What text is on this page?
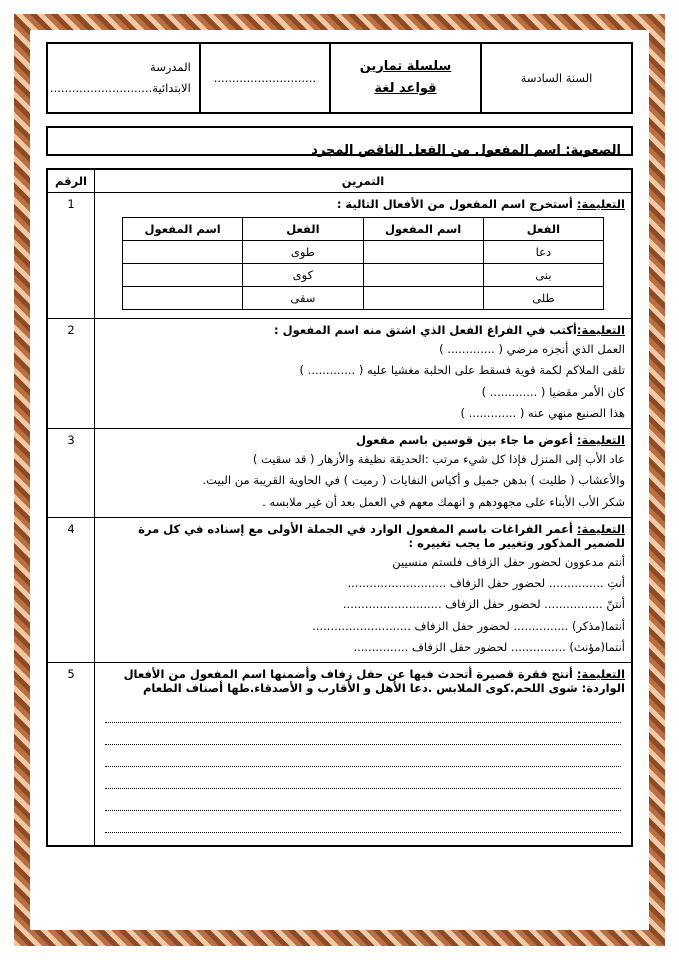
السنة السادسة	
سلسلة تمارين
قواعد لغة
	............................	
المدرسة الابتدائية............................
الصعوبة: اسم المفعول من الفعل الناقص المجرد
التمرين	الرقم

التعليمة: أستخرج اسم المفعول من الأفعال التالية :
الفعل	اسم المفعول	الفعل	اسم المفعول
دعا		طوى	
بنى		كوى	
طلى		سقى	
	1

التعليمة:أكتب في الفراغ الفعل الذي اشتق منه اسم المفعول :
العمل الذي أنجزه مرضي ( ............. )
تلقى الملاكم لكمة قوية فسقط على الحلبة مغشيا عليه ( ............. )
كان الأمر مقضيا ( ............. )
هذا الصنيع منهي عنه ( ............. )
	2

التعليمة: أعوض ما جاء بين قوسين باسم مفعول
عاد الأب إلى المنزل فإذا كل شيء مرتب :الحديقة نظيفة والأزهار ( قد سقيت )
والأعشاب ( طليت ) بدهن جميل و أكياس النفايات ( رميت ) في الحاوية القريبة من البيت.
شكر الأب الأبناء على مجهودهم و انهمك معهم في العمل بعد أن غير ملابسه .
	3

التعليمة: أعمر الفراغات باسم المفعول الوارد في الجملة الأولى مع إسناده في كل مرة للضمير المذكور وتغيير ما يجب تغييره :
أنتم مدعوون لحضور حفل الزفاف فلستم منسيين
أنتِ ............... لحضور حفل الزفاف ...........................
أنتنّ ................ لحضور حفل الزفاف ...........................
أنتما(مذكر) ............... لحضور حفل الزفاف ...........................
أنتما(مؤنث) ............... لحضور حفل الزفاف ...............
	4

التعليمة: أنتج فقرة قصيرة أتحدث فيها عن حفل زفاف وأضمنها اسم المفعول من الأفعال الواردة: شوى اللحم.كوى الملابس .دعا الأهل و الأقارب و الأصدقاء.طها أصناف الطعام
	5
